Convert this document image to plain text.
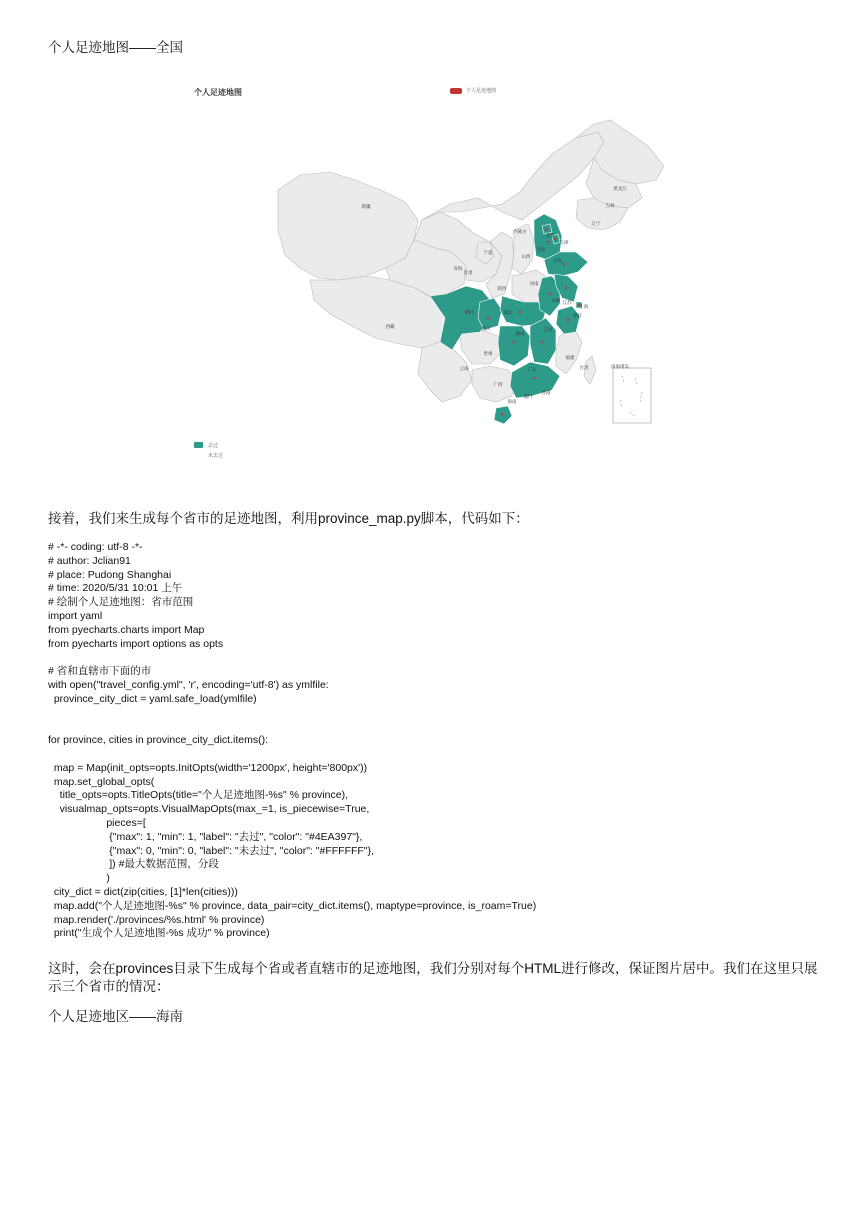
个人足迹地图——全国
个人足迹地图	个人足迹地图
新疆
西藏
青海
甘肃
内蒙古
黑龙江
吉林
辽宁
宁夏
陕西
山西
河南
安徽
上海
浙江
江苏
湖南
江西
福建
广东
广西
云南
贵州
四川
重庆
湖北
台湾
海南
香港
澳门
北京
天津
河北
山东
南海诸岛
去过
未去过
接着，我们来生成每个省市的足迹地图，利用province_map.py脚本，代码如下：
# -*- coding: utf-8 -*-
# author: Jclian91
# place: Pudong Shanghai
# time: 2020/5/31 10:01 上午
# 绘制个人足迹地图：省市范围
import yaml
from pyecharts.charts import Map
from pyecharts import options as opts

# 省和直辖市下面的市
with open("travel_config.yml", 'r', encoding='utf-8') as ymlfile:
province_city_dict = yaml.safe_load(ymlfile)

for province, cities in province_city_dict.items():

map = Map(init_opts=opts.InitOpts(width='1200px', height='800px'))
map.set_global_opts(
title_opts=opts.TitleOpts(title="个人足迹地图-%s" % province),
visualmap_opts=opts.VisualMapOpts(max_=1, is_piecewise=True,
pieces=[
{"max": 1, "min": 1, "label": "去过", "color": "#4EA397"},
{"max": 0, "min": 0, "label": "未去过", "color": "#FFFFFF"},
]) #最大数据范围，分段
)
city_dict = dict(zip(cities, [1]*len(cities)))
map.add("个人足迹地图-%s" % province, data_pair=city_dict.items(), maptype=province, is_roam=True)
map.render('./provinces/%s.html' % province)
print("生成个人足迹地图-%s 成功" % province)
这时，会在provinces目录下生成每个省或者直辖市的足迹地图，我们分别对每个HTML进行修改，保证图片居中。我们在这里只展示三个省市的情况：
个人足迹地区——海南
